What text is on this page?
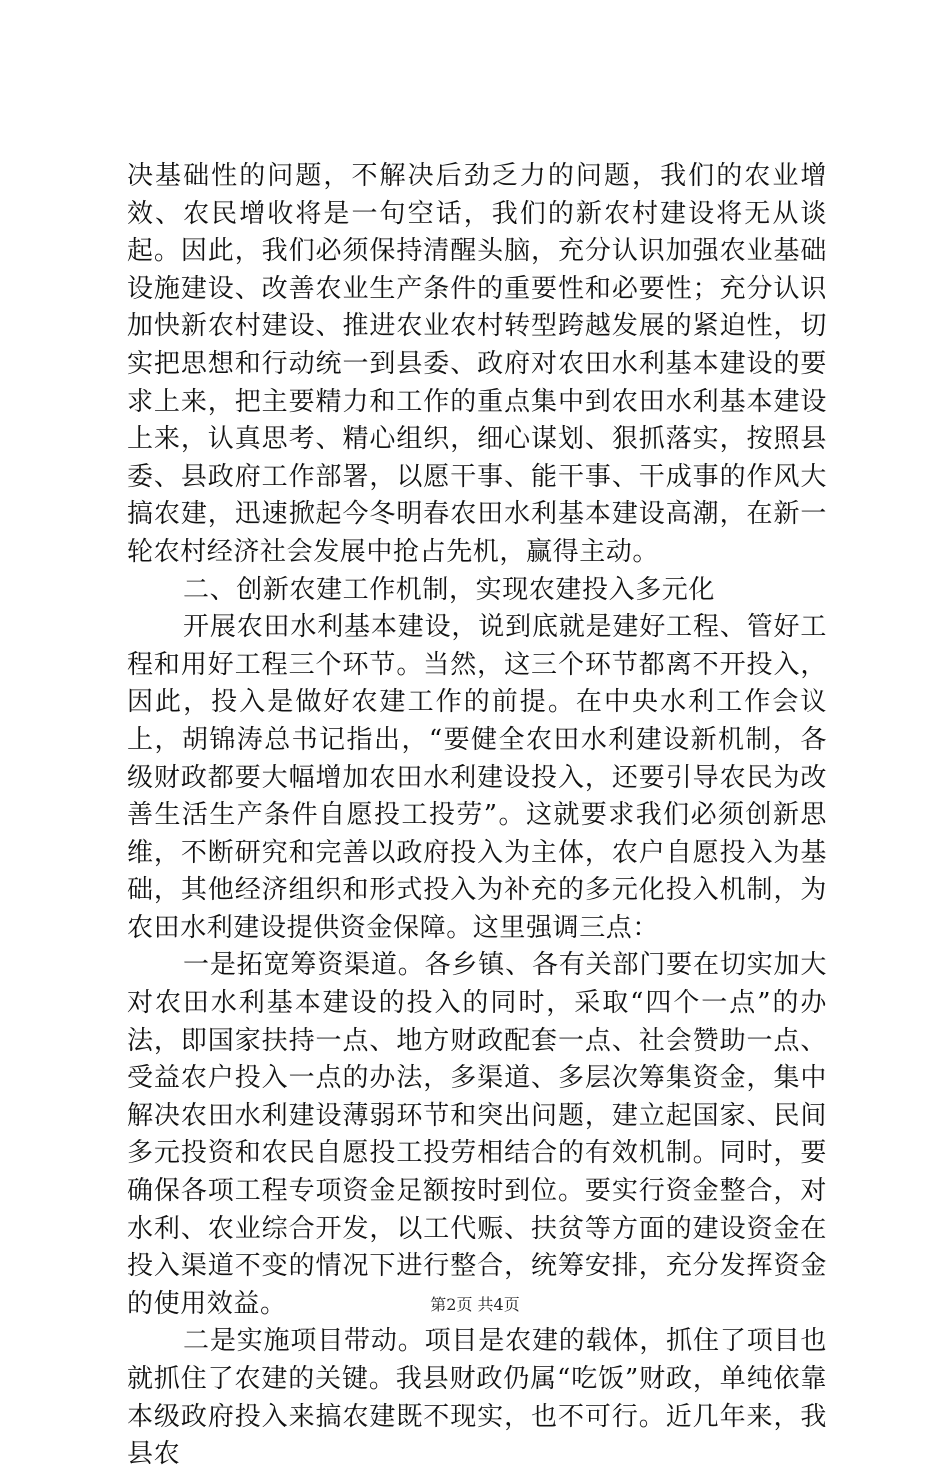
决基础性的问题，不解决后劲乏力的问题，我们的农业增效、农民增收将是一句空话，我们的新农村建设将无从谈起。因此，我们必须保持清醒头脑，充分认识加强农业基础设施建设、改善农业生产条件的重要性和必要性；充分认识加快新农村建设、推进农业农村转型跨越发展的紧迫性，切实把思想和行动统一到县委、政府对农田水利基本建设的要求上来，把主要精力和工作的重点集中到农田水利基本建设上来，认真思考、精心组织，细心谋划、狠抓落实，按照县委、县政府工作部署，以愿干事、能干事、干成事的作风大搞农建，迅速掀起今冬明春农田水利基本建设高潮，在新一轮农村经济社会发展中抢占先机，赢得主动。

二、创新农建工作机制，实现农建投入多元化

开展农田水利基本建设，说到底就是建好工程、管好工程和用好工程三个环节。当然，这三个环节都离不开投入，因此，投入是做好农建工作的前提。在中央水利工作会议上，胡锦涛总书记指出，“要健全农田水利建设新机制，各级财政都要大幅增加农田水利建设投入，还要引导农民为改善生活生产条件自愿投工投劳”。这就要求我们必须创新思维，不断研究和完善以政府投入为主体，农户自愿投入为基础，其他经济组织和形式投入为补充的多元化投入机制，为农田水利建设提供资金保障。这里强调三点：

一是拓宽筹资渠道。各乡镇、各有关部门要在切实加大对农田水利基本建设的投入的同时，采取“四个一点”的办法，即国家扶持一点、地方财政配套一点、社会赞助一点、受益农户投入一点的办法，多渠道、多层次筹集资金，集中解决农田水利建设薄弱环节和突出问题，建立起国家、民间多元投资和农民自愿投工投劳相结合的有效机制。同时，要确保各项工程专项资金足额按时到位。要实行资金整合，对水利、农业综合开发，以工代赈、扶贫等方面的建设资金在投入渠道不变的情况下进行整合，统筹安排，充分发挥资金的使用效益。

二是实施项目带动。项目是农建的载体，抓住了项目也就抓住了农建的关键。我县财政仍属“吃饭”财政，单纯依靠本级政府投入来搞农建既不现实，也不可行。近几年来，我县农

第2页 共4页
